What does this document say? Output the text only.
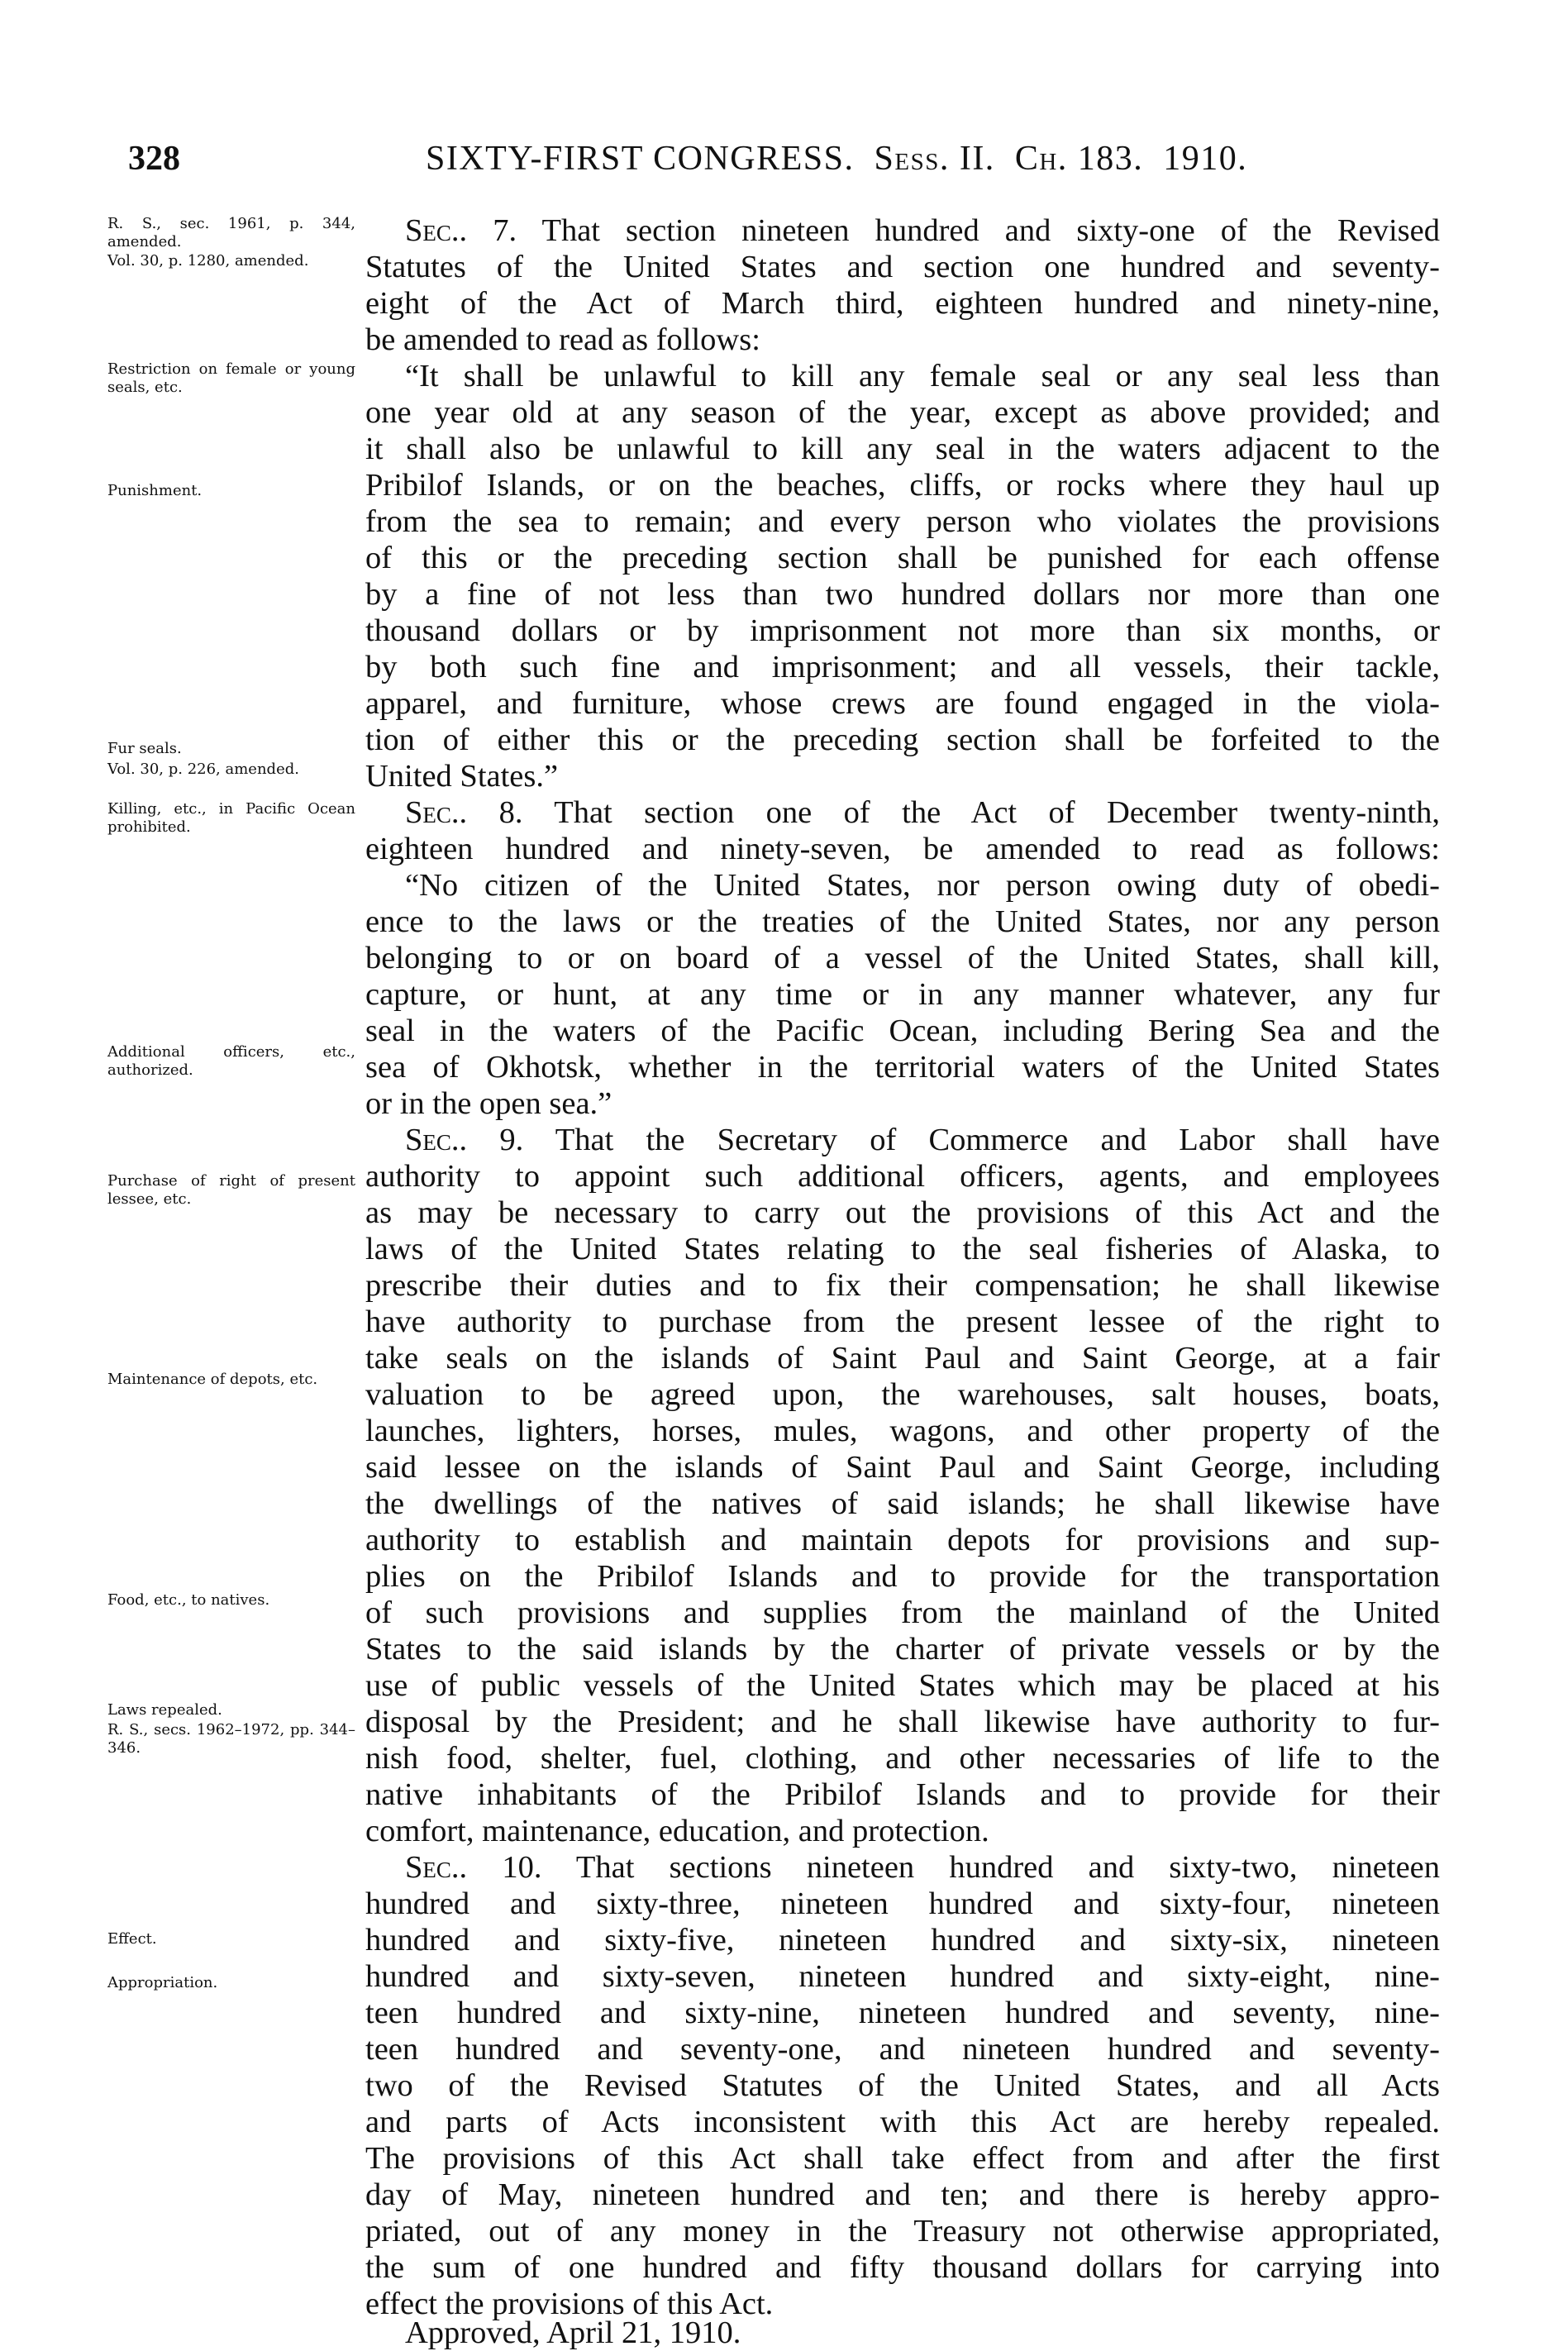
328	SIXTY-FIRST CONGRESS. Sess. II. Ch. 183. 1910.
R. S., sec. 1961, p. 344, amended.
Vol. 30, p. 1280, amended.
Restriction on female or young seals, etc.
Punishment.
Fur seals.
Vol. 30, p. 226, amended.
Killing, etc., in Pacific Ocean prohibited.
Additional officers, etc., authorized.
Purchase of right of present lessee, etc.
Maintenance of depots, etc.
Food, etc., to natives.
Laws repealed.
R. S., secs. 1962–1972, pp. 344–346.
Effect.
Appropriation.
Sec.. 7. That section nineteen hundred and sixty-one of the Revised
Statutes of the United States and section one hundred and seventy-
eight of the Act of March third, eighteen hundred and ninety-nine,
be amended to read as follows:
“It shall be unlawful to kill any female seal or any seal less than
one year old at any season of the year, except as above provided; and
it shall also be unlawful to kill any seal in the waters adjacent to the
Pribilof Islands, or on the beaches, cliffs, or rocks where they haul up
from the sea to remain; and every person who violates the provisions
of this or the preceding section shall be punished for each offense
by a fine of not less than two hundred dollars nor more than one
thousand dollars or by imprisonment not more than six months, or
by both such fine and imprisonment; and all vessels, their tackle,
apparel, and furniture, whose crews are found engaged in the viola-
tion of either this or the preceding section shall be forfeited to the
United States.”
Sec.. 8. That section one of the Act of December twenty-ninth,
eighteen hundred and ninety-seven, be amended to read as follows:
“No citizen of the United States, nor person owing duty of obedi-
ence to the laws or the treaties of the United States, nor any person
belonging to or on board of a vessel of the United States, shall kill,
capture, or hunt, at any time or in any manner whatever, any fur
seal in the waters of the Pacific Ocean, including Bering Sea and the
sea of Okhotsk, whether in the territorial waters of the United States
or in the open sea.”
Sec.. 9. That the Secretary of Commerce and Labor shall have
authority to appoint such additional officers, agents, and employees
as may be necessary to carry out the provisions of this Act and the
laws of the United States relating to the seal fisheries of Alaska, to
prescribe their duties and to fix their compensation; he shall likewise
have authority to purchase from the present lessee of the right to
take seals on the islands of Saint Paul and Saint George, at a fair
valuation to be agreed upon, the warehouses, salt houses, boats,
launches, lighters, horses, mules, wagons, and other property of the
said lessee on the islands of Saint Paul and Saint George, including
the dwellings of the natives of said islands; he shall likewise have
authority to establish and maintain depots for provisions and sup-
plies on the Pribilof Islands and to provide for the transportation
of such provisions and supplies from the mainland of the United
States to the said islands by the charter of private vessels or by the
use of public vessels of the United States which may be placed at his
disposal by the President; and he shall likewise have authority to fur-
nish food, shelter, fuel, clothing, and other necessaries of life to the
native inhabitants of the Pribilof Islands and to provide for their
comfort, maintenance, education, and protection.
Sec.. 10. That sections nineteen hundred and sixty-two, nineteen
hundred and sixty-three, nineteen hundred and sixty-four, nineteen
hundred and sixty-five, nineteen hundred and sixty-six, nineteen
hundred and sixty-seven, nineteen hundred and sixty-eight, nine-
teen hundred and sixty-nine, nineteen hundred and seventy, nine-
teen hundred and seventy-one, and nineteen hundred and seventy-
two of the Revised Statutes of the United States, and all Acts
and parts of Acts inconsistent with this Act are hereby repealed.
The provisions of this Act shall take effect from and after the first
day of May, nineteen hundred and ten; and there is hereby appro-
priated, out of any money in the Treasury not otherwise appropriated,
the sum of one hundred and fifty thousand dollars for carrying into
effect the provisions of this Act.
Approved, April 21, 1910.
